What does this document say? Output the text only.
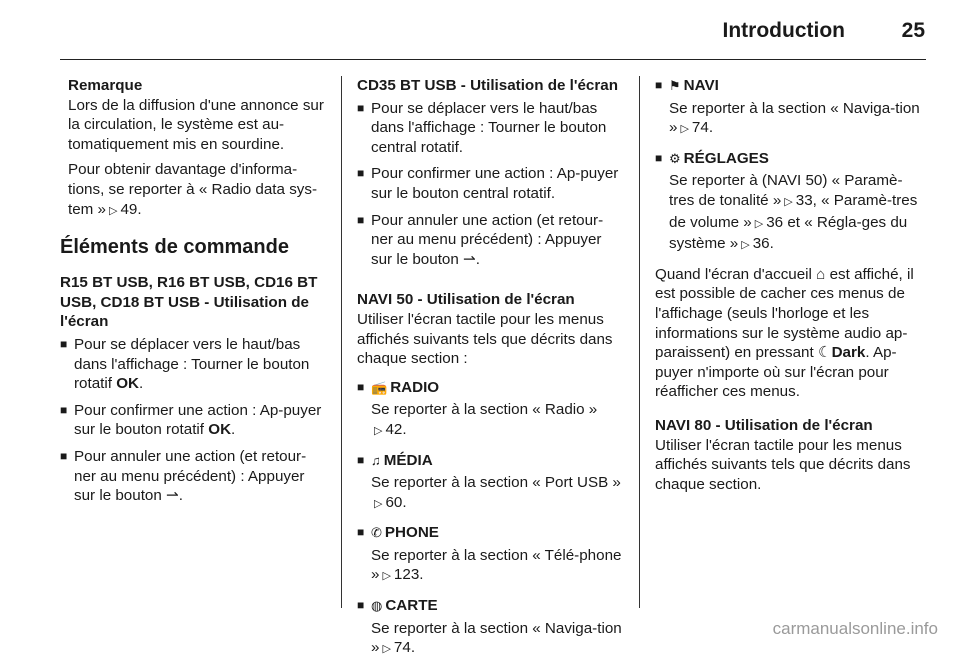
Introduction	25
Remarque

Lors de la diffusion d'une annonce sur la circulation, le système est au-tomatiquement mis en sourdine.

Pour obtenir davantage d'informa-tions, se reporter à « Radio data sys-tem » ▷ 49.

Éléments de commande
R15 BT USB, R16 BT USB, CD16 BT USB, CD18 BT USB - Utilisation de l'écran
■ Pour se déplacer vers le haut/bas dans l'affichage : Tourner le bouton rotatif OK.
■ Pour confirmer une action : Ap-puyer sur le bouton rotatif OK.
■ Pour annuler une action (et retour-ner au menu précédent) : Appuyer sur le bouton ⇀.
CD35 BT USB - Utilisation de l'écran
■ Pour se déplacer vers le haut/bas dans l'affichage : Tourner le bouton central rotatif.
■ Pour confirmer une action : Ap-puyer sur le bouton central rotatif.
■ Pour annuler une action (et retour-ner au menu précédent) : Appuyer sur le bouton ⇀.
NAVI 50 - Utilisation de l'écran

Utiliser l'écran tactile pour les menus affichés suivants tels que décrits dans chaque section :

■ 📻 RADIO
Se reporter à la section « Radio »
▷ 42.
■ ♫ MÉDIA
Se reporter à la section « Port USB »▷ 60.
■ ✆ PHONE
Se reporter à la section « Télé-phone » ▷ 123.
■ ◍ CARTE
Se reporter à la section « Naviga-tion » ▷ 74.
■ ⚑ NAVI
Se reporter à la section « Naviga-tion » ▷ 74.
■ ⚙ RÉGLAGES
Se reporter à (NAVI 50) « Paramè-tres de tonalité » ▷ 33, « Paramè-tres de volume » ▷ 36 et « Régla-ges du système » ▷ 36.

Quand l'écran d'accueil ⌂ est affiché, il est possible de cacher ces menus de l'affichage (seuls l'horloge et les informations sur le système audio ap-paraissent) en pressant ☾Dark. Ap-puyer n'importe où sur l'écran pour réafficher ces menus.

NAVI 80 - Utilisation de l'écran

Utiliser l'écran tactile pour les menus affichés suivants tels que décrits dans chaque section.

carmanualsonline.info
